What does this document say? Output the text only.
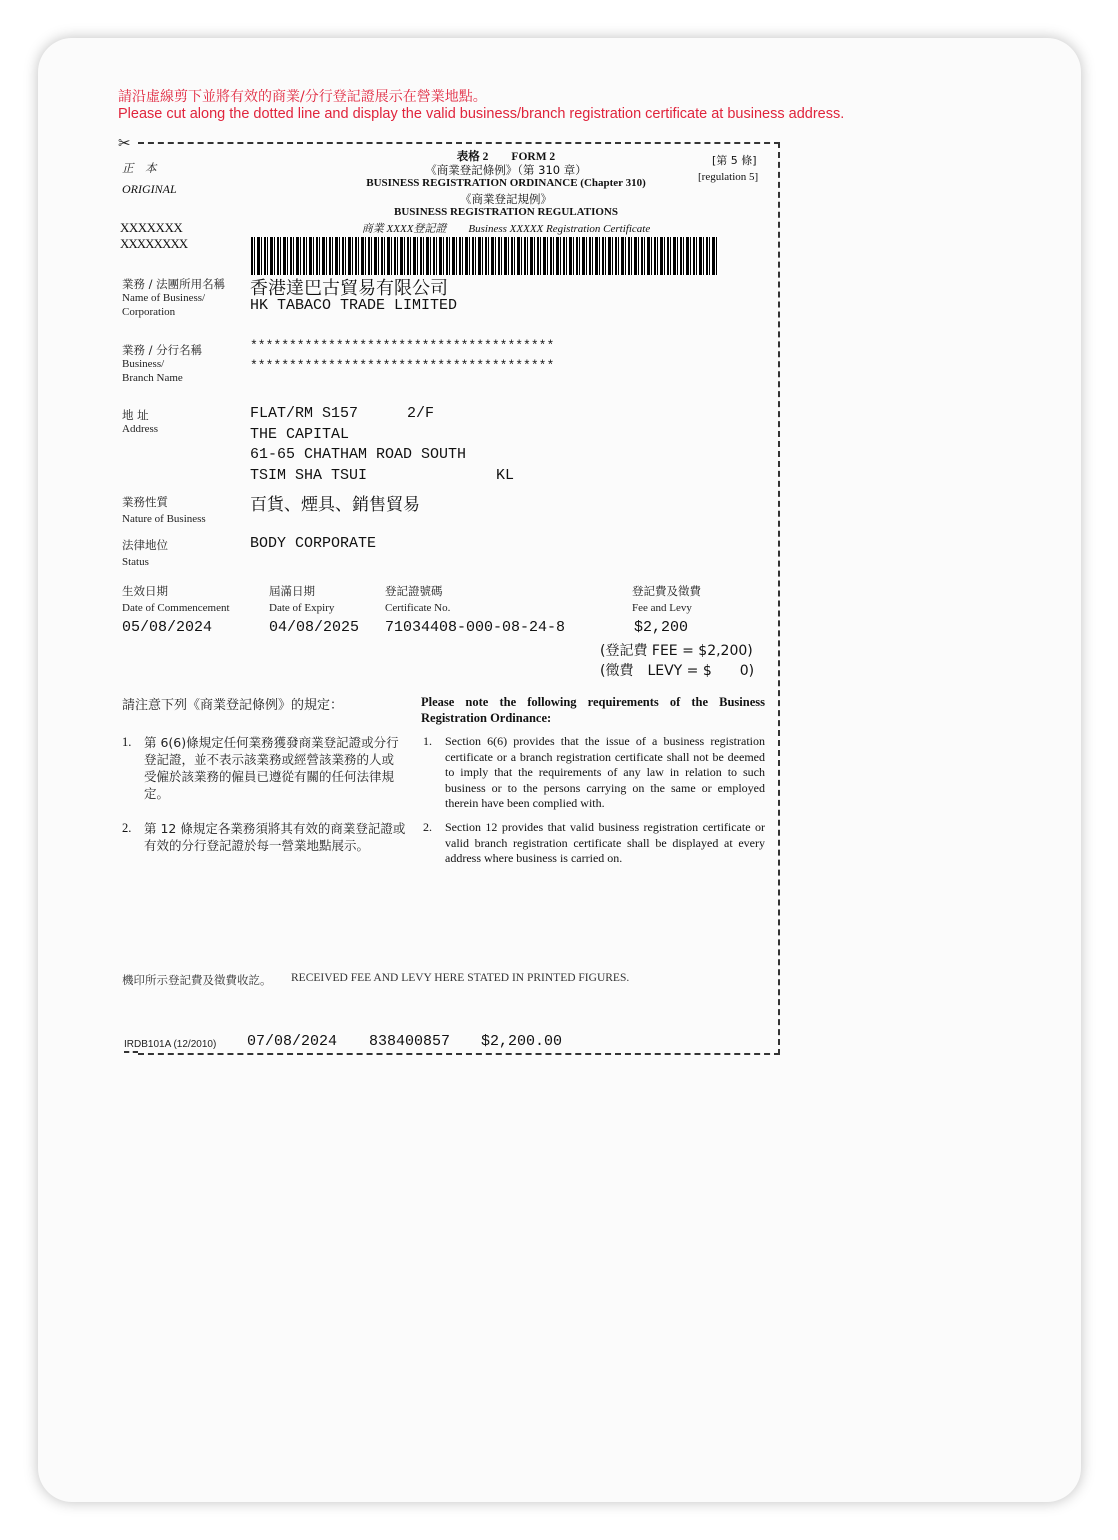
請沿虛線剪下並將有效的商業/分行登記證展示在營業地點。
Please cut along the dotted line and display the valid business/branch registration certificate at business address.
✂
正　本
ORIGINAL
表格 2　　FORM 2
《商業登記條例》（第 310 章）
BUSINESS REGISTRATION ORDINANCE (Chapter 310)
《商業登記規例》
BUSINESS REGISTRATION REGULATIONS
商業 XXXX登記證　　Business XXXXX Registration Certificate
[第 5 條]
[regulation 5]
XXXXXXX
XXXXXXXX
業務 / 法團所用名稱
Name of Business/
Corporation
香港達巴古貿易有限公司
HK TABACO TRADE LIMITED
業務 / 分行名稱
Business/
Branch Name
***************************************
***************************************
地 址
Address
FLAT/RM S157	2/F
THE CAPITAL
61-65 CHATHAM ROAD SOUTH
TSIM SHA TSUI	KL
業務性質
Nature of Business
百貨、煙具、銷售貿易
法律地位
Status
BODY CORPORATE
生效日期
Date of Commencement
05/08/2024
屆滿日期
Date of Expiry
04/08/2025
登記證號碼
Certificate No.
71034408-000-08-24-8
登記費及徵費
Fee and Levy
$2,200
(登記費 FEE = $2,200)
(徵費　LEVY = $　　0)
請注意下列《商業登記條例》的規定：	Please note the following requirements of the Business Registration Ordinance:
1. 第 6(6)條規定任何業務獲發商業登記證或分行登記證，並不表示該業務或經營該業務的人或受僱於該業務的僱員已遵從有關的任何法律規定。
1. Section 6(6) provides that the issue of a business registration certificate or a branch registration certificate shall not be deemed to imply that the requirements of any law in relation to such business or to the persons carrying on the same or employed therein have been complied with.
2. 第 12 條規定各業務須將其有效的商業登記證或有效的分行登記證於每一營業地點展示。
2. Section 12 provides that valid business registration certificate or valid branch registration certificate shall be displayed at every address where business is carried on.
機印所示登記費及徵費收訖。 RECEIVED FEE AND LEVY HERE STATED IN PRINTED FIGURES.
IRDB101A (12/2010) 07/08/2024 838400857 $2,200.00
